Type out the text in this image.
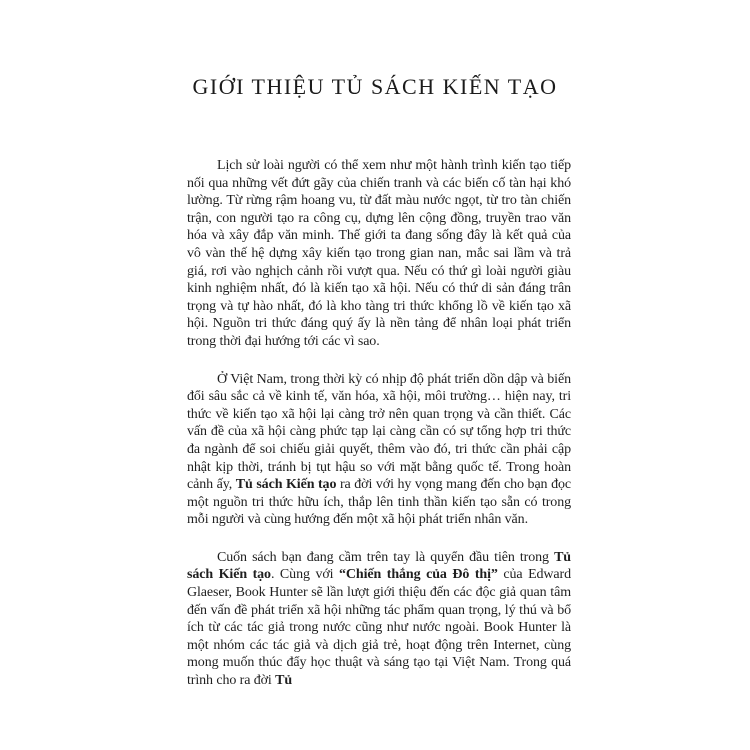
GIỚI THIỆU TỦ SÁCH KIẾN TẠO

Lịch sử loài người có thể xem như một hành trình kiến tạo tiếp nối qua những vết đứt gãy của chiến tranh và các biến cố tàn hại khó lường. Từ rừng rậm hoang vu, từ đất màu nước ngọt, từ tro tàn chiến trận, con người tạo ra công cụ, dựng lên cộng đồng, truyền trao văn hóa và xây đắp văn minh. Thế giới ta đang sống đây là kết quả của vô vàn thế hệ dựng xây kiến tạo trong gian nan, mắc sai lầm và trả giá, rơi vào nghịch cảnh rồi vượt qua. Nếu có thứ gì loài người giàu kinh nghiệm nhất, đó là kiến tạo xã hội. Nếu có thứ di sản đáng trân trọng và tự hào nhất, đó là kho tàng tri thức khổng lồ về kiến tạo xã hội. Nguồn tri thức đáng quý ấy là nền tảng để nhân loại phát triển trong thời đại hướng tới các vì sao.

Ở Việt Nam, trong thời kỳ có nhịp độ phát triển dồn dập và biến đổi sâu sắc cả về kinh tế, văn hóa, xã hội, môi trường… hiện nay, tri thức về kiến tạo xã hội lại càng trở nên quan trọng và cần thiết. Các vấn đề của xã hội càng phức tạp lại càng cần có sự tổng hợp tri thức đa ngành để soi chiếu giải quyết, thêm vào đó, tri thức cần phải cập nhật kịp thời, tránh bị tụt hậu so với mặt bằng quốc tế. Trong hoàn cảnh ấy, Tủ sách Kiến tạo ra đời với hy vọng mang đến cho bạn đọc một nguồn tri thức hữu ích, thắp lên tinh thần kiến tạo sẵn có trong mỗi người và cùng hướng đến một xã hội phát triển nhân văn.

Cuốn sách bạn đang cầm trên tay là quyển đầu tiên trong Tủ sách Kiến tạo. Cùng với “Chiến thắng của Đô thị” của Edward Glaeser, Book Hunter sẽ lần lượt giới thiệu đến các độc giả quan tâm đến vấn đề phát triển xã hội những tác phẩm quan trọng, lý thú và bổ ích từ các tác giả trong nước cũng như nước ngoài. Book Hunter là một nhóm các tác giả và dịch giả trẻ, hoạt động trên Internet, cùng mong muốn thúc đẩy học thuật và sáng tạo tại Việt Nam. Trong quá trình cho ra đời Tủ
